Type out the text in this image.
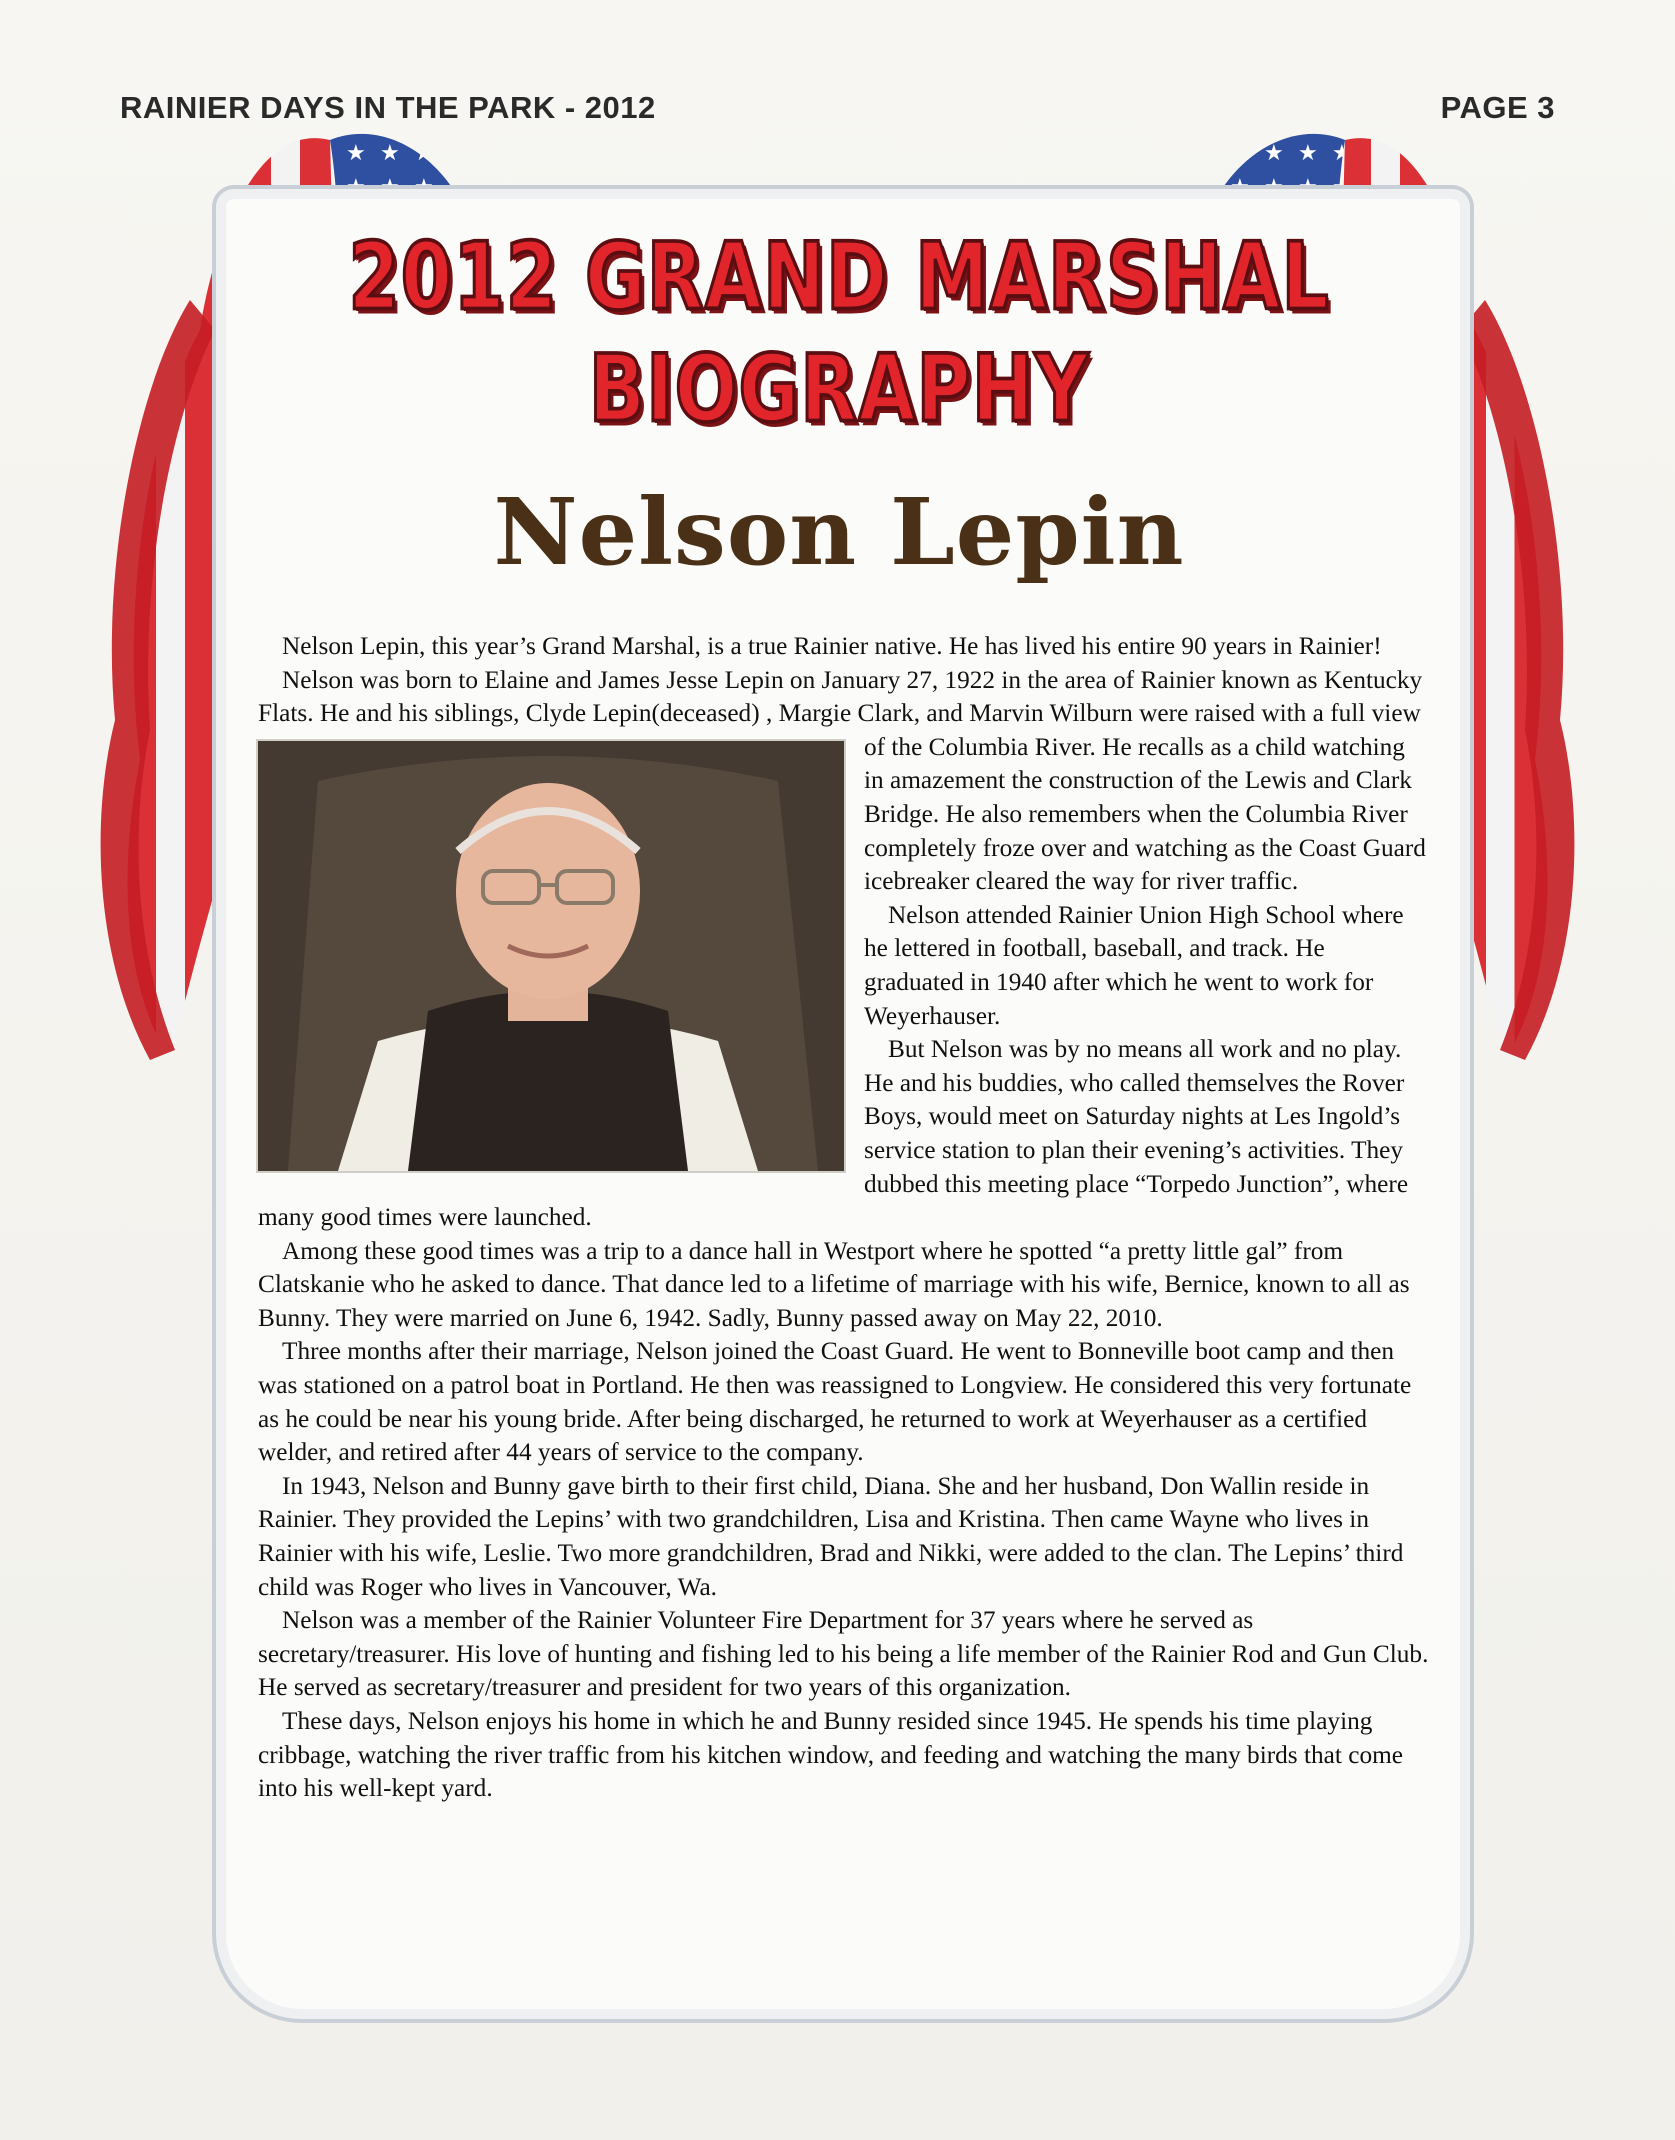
RAINIER DAYS IN THE PARK - 2012	PAGE 3
2012 GRAND MARSHAL
BIOGRAPHY
Nelson Lepin

Nelson Lepin, this year’s Grand Marshal, is a true Rainier native. He has lived his entire 90 years in Rainier!

Nelson was born to Elaine and James Jesse Lepin on January 27, 1922 in the area of Rainier known as Kentucky Flats. He and his siblings, Clyde Lepin(deceased) , Margie Clark, and Marvin Wilburn were raised with a full view of the Columbia River. He recalls as a child
watching in amazement the construction of the Lewis and Clark Bridge. He also remembers when the Columbia River completely froze over and watching as the Coast Guard icebreaker cleared the way for river traffic.

Nelson attended Rainier Union High School where he lettered in football, baseball, and track. He graduated in 1940 after which he went to work for Weyerhauser.

But Nelson was by no means all work and no play. He and his buddies, who called themselves the Rover Boys, would meet on Saturday nights at Les Ingold’s service station to plan their evening’s activities. They dubbed this meeting place “Torpedo Junction”, where many good times were launched.

Among these good times was a trip to a dance hall in Westport where he spotted “a pretty little gal” from Clatskanie who he asked to dance. That dance led to a lifetime of marriage with his wife, Bernice, known to all as Bunny. They were married on June 6, 1942. Sadly, Bunny passed away on May 22, 2010.

Three months after their marriage, Nelson joined the Coast Guard. He went to Bonneville boot camp and then was stationed on a patrol boat in Portland. He then was reassigned to Longview. He considered this very fortunate as he could be near his young bride. After being discharged, he returned to work at Weyerhauser as a certified welder, and retired after 44 years of service to the company.

In 1943, Nelson and Bunny gave birth to their first child, Diana. She and her husband, Don Wallin reside in Rainier. They provided the Lepins’ with two grandchildren, Lisa and Kristina. Then came Wayne who lives in Rainier with his wife, Leslie. Two more grandchildren, Brad and Nikki, were added to the clan. The Lepins’ third child was Roger who lives in Vancouver, Wa.

Nelson was a member of the Rainier Volunteer Fire Department for 37 years where he served as secretary/treasurer. His love of hunting and fishing led to his being a life member of the Rainier Rod and Gun Club. He served as secretary/treasurer and president for two years of this organization.

These days, Nelson enjoys his home in which he and Bunny resided since 1945. He spends his time playing cribbage, watching the river traffic from his kitchen window, and feeding and watching the many birds that come into his well-kept yard.
